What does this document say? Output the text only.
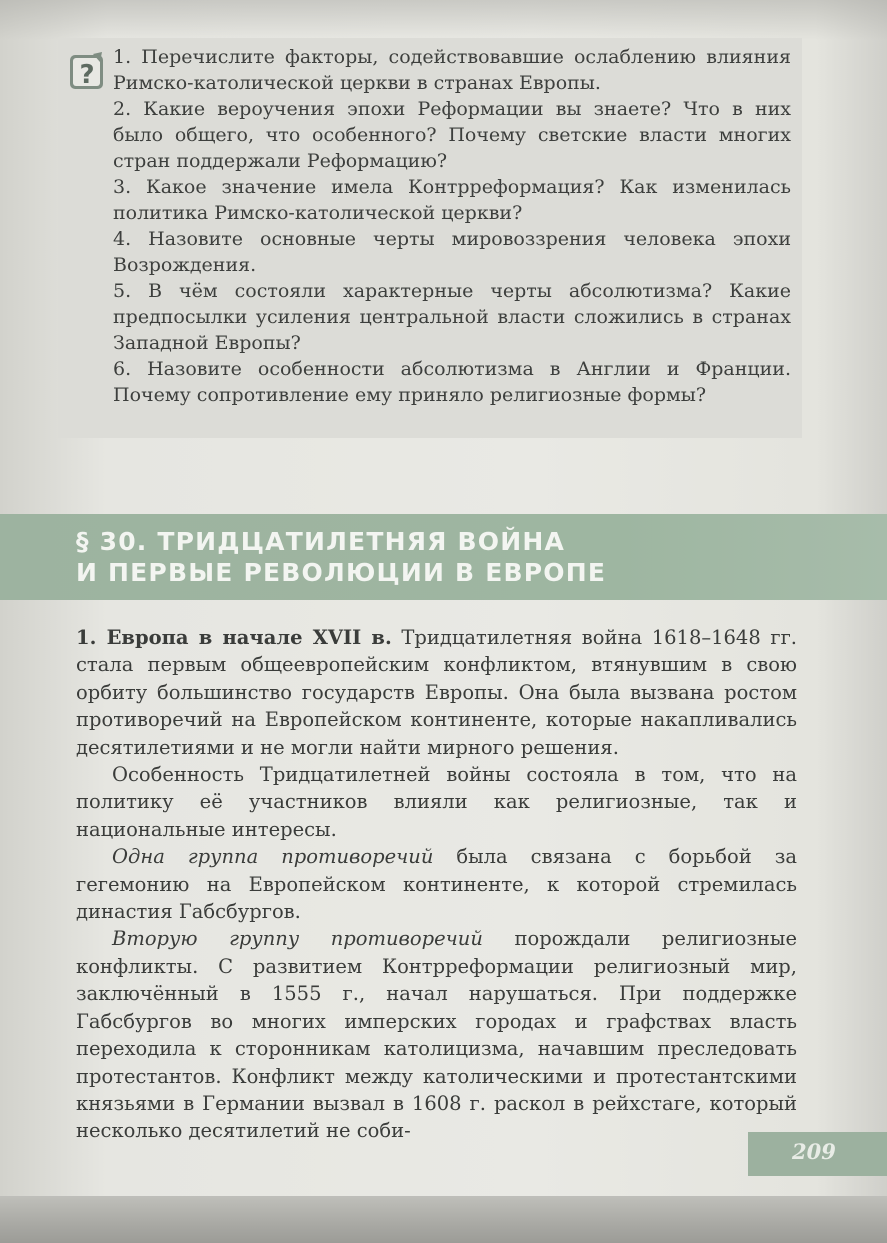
?

1. Перечислите факторы, содействовавшие ослаблению влияния Римско-католической церкви в странах Европы.

2. Какие вероучения эпохи Реформации вы знаете? Что в них было общего, что особенного? Почему светские власти многих стран поддержали Реформацию?

3. Какое значение имела Контрреформация? Как изменилась политика Римско-католической церкви?

4. Назовите основные черты мировоззрения человека эпохи Возрождения.

5. В чём состояли характерные черты абсолютизма? Какие предпосылки усиления центральной власти сложились в странах Западной Европы?

6. Назовите особенности абсолютизма в Англии и Франции. Почему сопротивление ему приняло религиозные формы?

§ 30. ТРИДЦАТИЛЕТНЯЯ ВОЙНА
И ПЕРВЫЕ РЕВОЛЮЦИИ В ЕВРОПЕ

1. Европа в начале XVII в. Тридцатилетняя война 1618–1648 гг. стала первым общеевропейским конфликтом, втянувшим в свою орбиту большинство государств Европы. Она была вызвана ростом противоречий на Европейском континенте, которые накапливались десятилетиями и не могли найти мирного решения.

Особенность Тридцатилетней войны состояла в том, что на политику её участников влияли как религиозные, так и национальные интересы.

Одна группа противоречий была связана с борьбой за гегемонию на Европейском континенте, к которой стремилась династия Габсбургов.

Вторую группу противоречий порождали религиозные конфликты. С развитием Контрреформации религиозный мир, заключённый в 1555 г., начал нарушаться. При поддержке Габсбургов во многих имперских городах и графствах власть переходила к сторонникам католицизма, начавшим преследовать протестантов. Конфликт между католическими и протестантскими князьями в Германии вызвал в 1608 г. раскол в рейхстаге, который несколько десятилетий не соби-

209
